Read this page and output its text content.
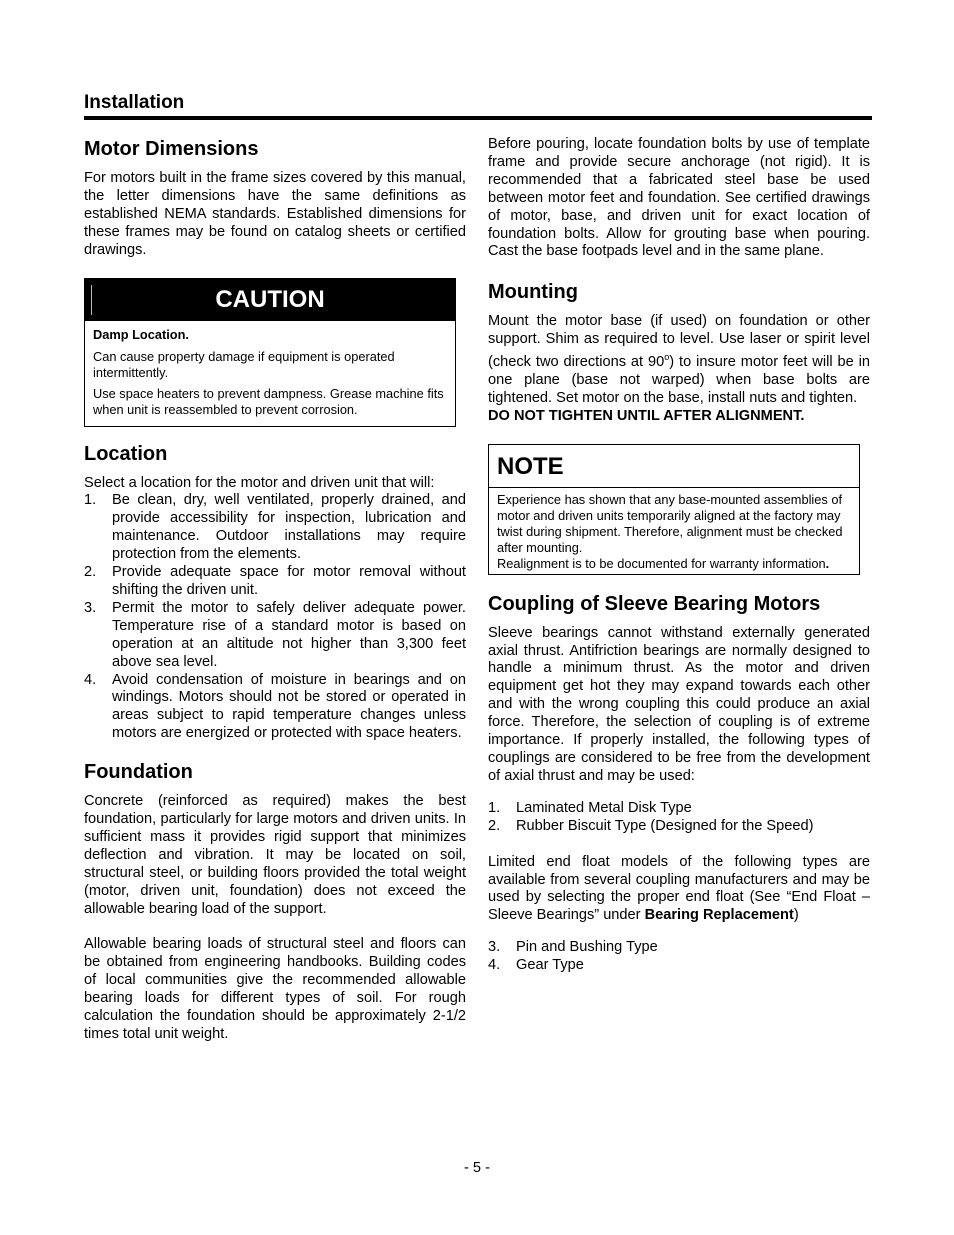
Installation
Motor Dimensions

For motors built in the frame sizes covered by this manual, the letter dimensions have the same definitions as established NEMA standards. Established dimensions for these frames may be found on catalog sheets or certified drawings.

CAUTION

Damp Location.

Can cause property damage if equipment is operated intermittently.

Use space heaters to prevent dampness. Grease machine fits when unit is reassembled to prevent corrosion.

Location

Select a location for the motor and driven unit that will:

1. Be clean, dry, well ventilated, properly drained, and provide accessibility for inspection, lubrication and maintenance. Outdoor installations may require protection from the elements.
2. Provide adequate space for motor removal without shifting the driven unit.
3. Permit the motor to safely deliver adequate power. Temperature rise of a standard motor is based on operation at an altitude not higher than 3,300 feet above sea level.
4. Avoid condensation of moisture in bearings and on windings. Motors should not be stored or operated in areas subject to rapid temperature changes unless motors are energized or protected with space heaters.
Foundation

Concrete (reinforced as required) makes the best foundation, particularly for large motors and driven units. In sufficient mass it provides rigid support that minimizes deflection and vibration. It may be located on soil, structural steel, or building floors provided the total weight (motor, driven unit, foundation) does not exceed the allowable bearing load of the support.

Allowable bearing loads of structural steel and floors can be obtained from engineering handbooks. Building codes of local communities give the recommended allowable bearing loads for different types of soil. For rough calculation the foundation should be approximately 2-1/2 times total unit weight.

Before pouring, locate foundation bolts by use of template frame and provide secure anchorage (not rigid). It is recommended that a fabricated steel base be used between motor feet and foundation. See certified drawings of motor, base, and driven unit for exact location of foundation bolts. Allow for grouting base when pouring. Cast the base footpads level and in the same plane.

Mounting

Mount the motor base (if used) on foundation or other support. Shim as required to level. Use laser or spirit level (check two directions at 90$^o$) to insure motor feet will be in one plane (base not warped) when base bolts are tightened. Set motor on the base, install nuts and tighten.

DO NOT TIGHTEN UNTIL AFTER ALIGNMENT.

NOTE

Experience has shown that any base-mounted assemblies of motor and driven units temporarily aligned at the factory may twist during shipment. Therefore, alignment must be checked after mounting.

Realignment is to be documented for warranty information.

Coupling of Sleeve Bearing Motors

Sleeve bearings cannot withstand externally generated axial thrust. Antifriction bearings are normally designed to handle a minimum thrust. As the motor and driven equipment get hot they may expand towards each other and with the wrong coupling this could produce an axial force. Therefore, the selection of coupling is of extreme importance. If properly installed, the following types of couplings are considered to be free from the development of axial thrust and may be used:

1. Laminated Metal Disk Type
2. Rubber Biscuit Type (Designed for the Speed)

Limited end float models of the following types are available from several coupling manufacturers and may be used by selecting the proper end float (See “End Float – Sleeve Bearings” under Bearing Replacement)

3. Pin and Bushing Type
4. Gear Type
- 5 -
